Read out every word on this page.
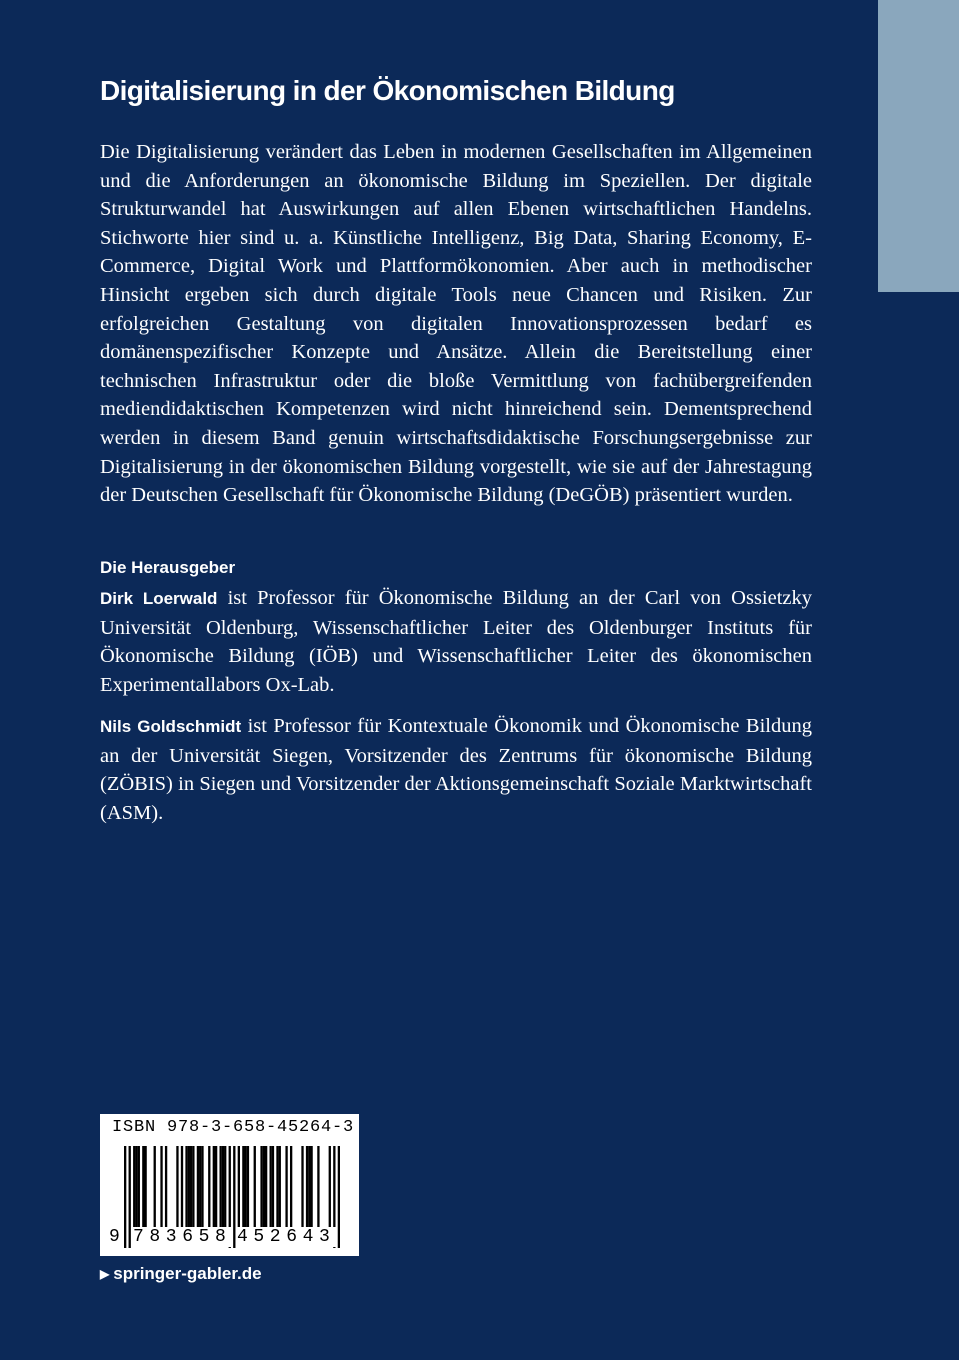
Digitalisierung in der Ökonomischen Bildung

Die Digitalisierung verändert das Leben in modernen Gesellschaften im Allgemeinen und die Anforderungen an ökonomische Bildung im Speziellen. Der digitale Strukturwandel hat Auswirkungen auf allen Ebenen wirtschaftlichen Handelns. Stichworte hier sind u. a. Künstliche Intelligenz, Big Data, Sharing Economy, E-Commerce, Digital Work und Plattformökonomien. Aber auch in methodischer Hinsicht ergeben sich durch digitale Tools neue Chancen und Risiken. Zur erfolgreichen Gestaltung von digitalen Innovationsprozessen bedarf es domänenspezifischer Konzepte und Ansätze. Allein die Bereitstellung einer technischen Infrastruktur oder die bloße Vermittlung von fachübergreifenden mediendidaktischen Kompetenzen wird nicht hinreichend sein. Dementsprechend werden in diesem Band genuin wirtschaftsdidaktische Forschungsergebnisse zur Digitalisierung in der ökonomischen Bildung vorgestellt, wie sie auf der Jahrestagung der Deutschen Gesellschaft für Ökonomische Bildung (DeGÖB) präsentiert wurden.

Die Herausgeber

Dirk Loerwald ist Professor für Ökonomische Bildung an der Carl von Ossietzky Universität Oldenburg, Wissenschaftlicher Leiter des Oldenburger Instituts für Ökonomische Bildung (IÖB) und Wissenschaftlicher Leiter des ökonomischen Experimentallabors Ox-Lab.

Nils Goldschmidt ist Professor für Kontextuale Ökonomik und Ökonomische Bildung an der Universität Siegen, Vorsitzender des Zentrums für ökonomische Bildung (ZÖBIS) in Siegen und Vorsitzender der Aktionsgemeinschaft Soziale Marktwirtschaft (ASM).

ISBN 978-3-658-45264-3
9 783658 452643
▶ springer-gabler.de
